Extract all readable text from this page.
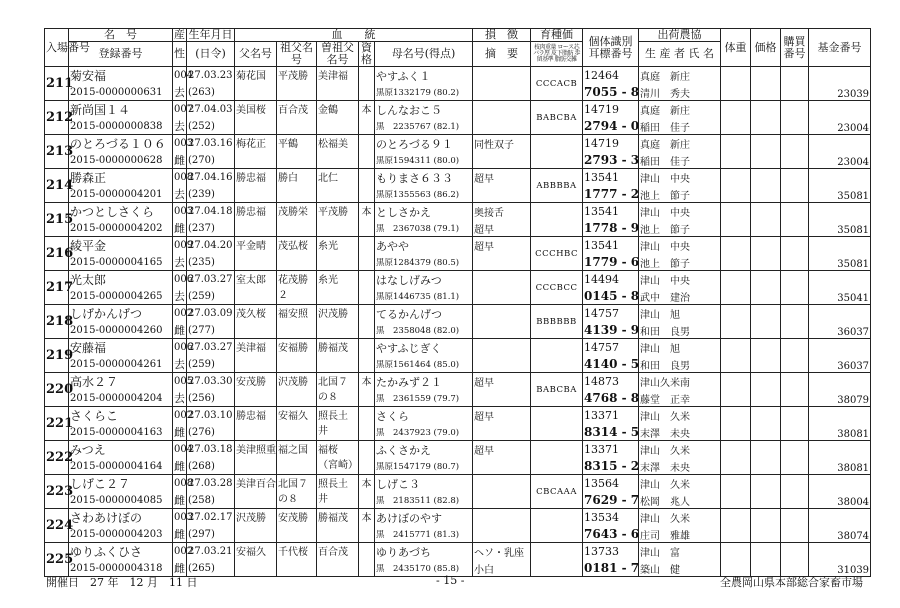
入場番号	名　号	産	生年月日	血　　統					損　徴	育種価	個体識別耳標番号	出荷農協	体重	価格	購買番号	基金番号
	登録番号	性	(日令)	父名号	祖父名号	曽祖父名号	資格	母名号(得点)	摘　要	枝肉重量 ロース芯 バラ厚 皮下脂肪 歩留基準 脂肪交雑		生 産 者 氏 名				
211	菊安福	004	27.03.23	菊花国	平茂勝	美津福		やすふく１		CCCACB	12464	真庭　新庄				23039
	2015-0000000631	去	(263)					黒原1332179 (80.2)			7055 - 8	清川　秀夫				
212	新尚国１４	007	27.04.03	美国桜	百合茂	金鶴	本	しんなおこ５		BABCBA	14719	真庭　新庄				23004
	2015-0000000838	去	(252)					黒　2235767 (82.1)			2794 - 0	稲田　佳子				
213	のとろづる１０６	003	27.03.16	梅花正	平鶴	松福美		のとろづる９１	同性双子		14719	真庭　新庄				23004
	2015-0000000628	雌	(270)					黒原1594311 (80.0)			2793 - 3	稲田　佳子				
214	勝森正	008	27.04.16	勝忠福	勝白	北仁		もりまさ６３３	超早	ABBBBA	13541	津山　中央				35081
	2015-0000004201	去	(239)					黒原1355563 (86.2)			1777 - 2	池上　節子				
215	かつとしさくら	003	27.04.18	勝忠福	茂勝栄	平茂勝	本	としさかえ	奥接舌		13541	津山　中央				35081
	2015-0000004202	雌	(237)					黒　2367038 (79.1)	超早		1778 - 9	池上　節子				
216	綾平金	009	27.04.20	平金晴	茂弘桜	糸光		あやや	超早	CCCHBC	13541	津山　中央				35081
	2015-0000004165	去	(235)					黒原1284379 (80.5)			1779 - 6	池上　節子				
217	光太郎	006	27.03.27	室太郎	花茂勝２	糸光		はなしげみつ		CCCBCC	14494	津山　中央				35041
	2015-0000004265	去	(259)					黒原1446735 (81.1)			0145 - 8	武中　建治				
218	しげかんげつ	002	27.03.09	茂久桜	福安照	沢茂勝		てるかんげつ		BBBBBB	14757	津山　旭				36037
	2015-0000004260	雌	(277)					黒　2358048 (82.0)			4139 - 9	和田　良男				
219	安藤福	006	27.03.27	美津福	安福勝	勝福茂		やすふじぎく			14757	津山　旭				36037
	2015-0000004261	去	(259)					黒原1561464 (85.0)			4140 - 5	和田　良男				
220	高水２７	005	27.03.30	安茂勝	沢茂勝	北国７の８	本	たかみず２１	超早	BABCBA	14873	津山久米南				38079
	2015-0000004204	去	(256)					黒　2361559 (79.7)			4768 - 8	藤堂　正幸				
221	さくらこ	002	27.03.10	勝忠福	安福久	照長土井		さくら	超早		13371	津山　久米				38081
	2015-0000004163	雌	(276)					黒　2437923 (79.0)			8314 - 5	末澤　未央				
222	みつえ	004	27.03.18	美津照重	福之国	福桜（宮崎）		ふくさかえ	超早		13371	津山　久米				38081
	2015-0000004164	雌	(268)					黒原1547179 (80.7)			8315 - 2	末澤　未央				
223	しげこ２７	008	27.03.28	美津百合	北国７の８	照長土井	本	しげこ３		CBCAAA	13564	津山　久米				38004
	2015-0000004085	雌	(258)					黒　2183511 (82.8)			7629 - 7	松岡　兆人				
224	さわあけぼの	003	27.02.17	沢茂勝	安茂勝	勝福茂	本	あけぼのやす			13534	津山　久米				38074
	2015-0000004203	雌	(297)					黒　2415771 (81.3)			7643 - 6	庄司　雅雄				
225	ゆりふくひさ	002	27.03.21	安福久	千代桜	百合茂		ゆりあづち	ヘソ・乳座		13733	津山　富				31039
	2015-0000004318	雌	(265)					黒　2435170 (85.8)	小白		0181 - 7	築山　健				
開催日　27 年　12 月　11 日	- 15 -	全農岡山県本部総合家畜市場
